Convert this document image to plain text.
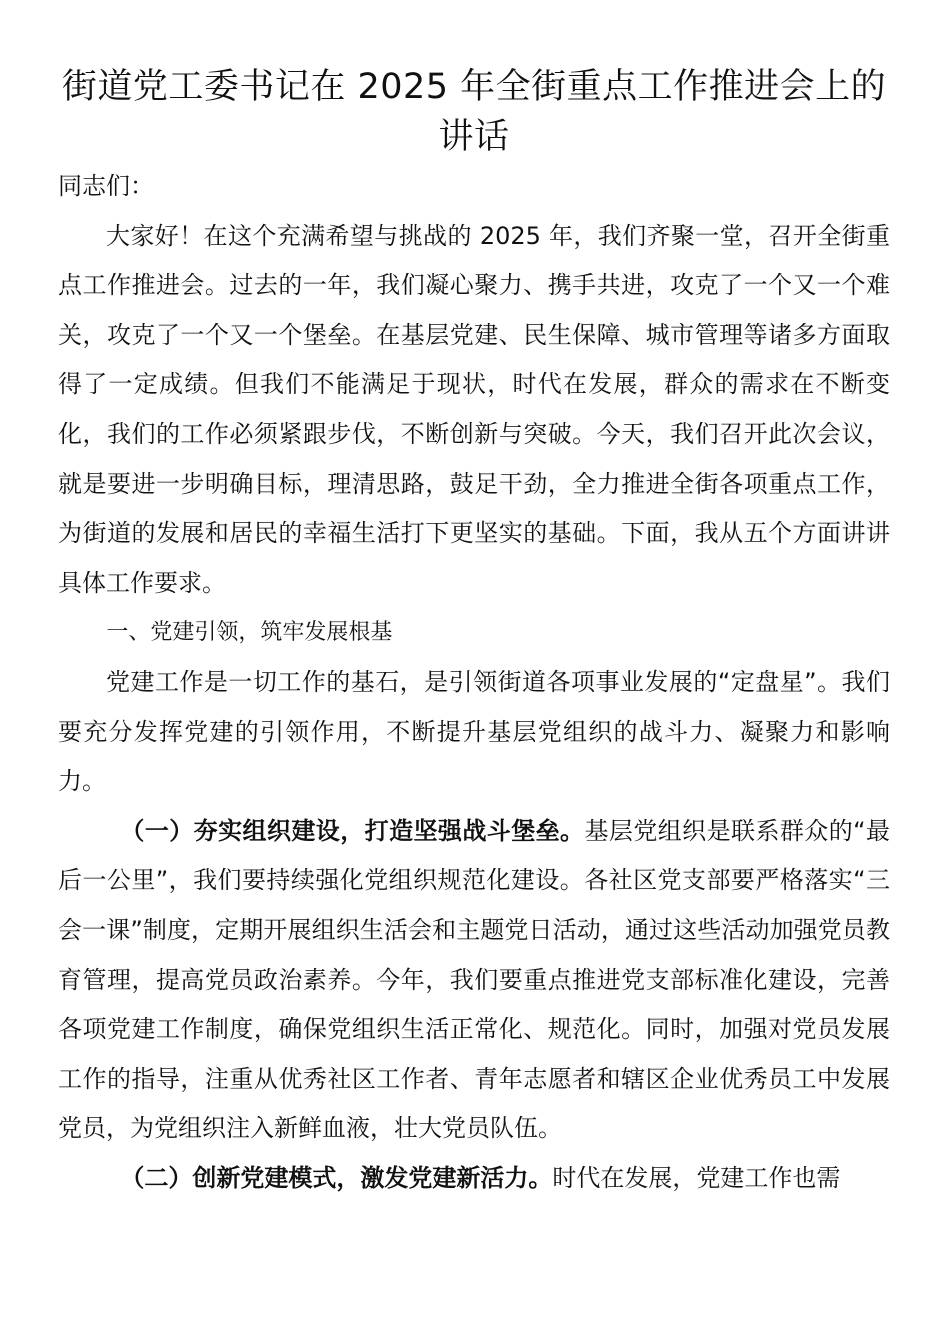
街道党工委书记在 2025 年全街重点工作推进会上的
讲话

同志们：

大家好！在这个充满希望与挑战的 2025 年，我们齐聚一堂，召开全街重点工作推进会。过去的一年，我们凝心聚力、携手共进，攻克了一个又一个难关，攻克了一个又一个堡垒。在基层党建、民生保障、城市管理等诸多方面取得了一定成绩。但我们不能满足于现状，时代在发展，群众的需求在不断变化，我们的工作必须紧跟步伐，不断创新与突破。今天，我们召开此次会议，就是要进一步明确目标，理清思路，鼓足干劲，全力推进全街各项重点工作，为街道的发展和居民的幸福生活打下更坚实的基础。下面，我从五个方面讲讲具体工作要求。

一、党建引领，筑牢发展根基

党建工作是一切工作的基石，是引领街道各项事业发展的“定盘星”。我们要充分发挥党建的引领作用，不断提升基层党组织的战斗力、凝聚力和影响力。

（一）夯实组织建设，打造坚强战斗堡垒。基层党组织是联系群众的“最后一公里”，我们要持续强化党组织规范化建设。各社区党支部要严格落实“三会一课”制度，定期开展组织生活会和主题党日活动，通过这些活动加强党员教育管理，提高党员政治素养。今年，我们要重点推进党支部标准化建设，完善各项党建工作制度，确保党组织生活正常化、规范化。同时，加强对党员发展工作的指导，注重从优秀社区工作者、青年志愿者和辖区企业优秀员工中发展党员，为党组织注入新鲜血液，壮大党员队伍。

（二）创新党建模式，激发党建新活力。时代在发展，党建工作也需
